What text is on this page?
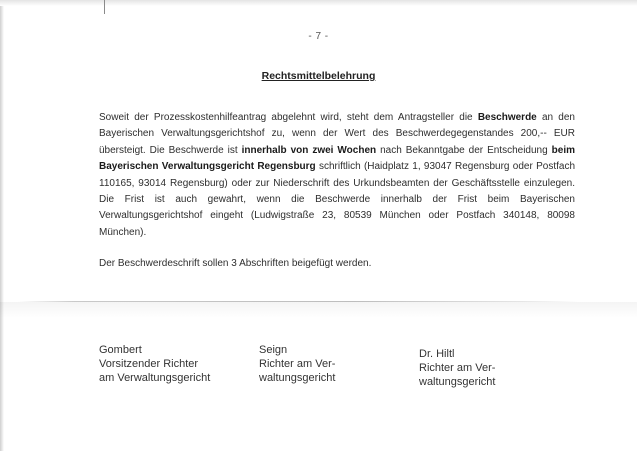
- 7 -
Rechtsmittelbelehrung
Soweit der Prozesskostenhilfeantrag abgelehnt wird, steht dem Antragsteller die Beschwerde an den Bayerischen Verwaltungsgerichtshof zu, wenn der Wert des Beschwerdegegenstandes 200,-- EUR übersteigt. Die Beschwerde ist innerhalb von zwei Wochen nach Bekanntgabe der Entscheidung beim Bayerischen Verwaltungsgericht Regensburg schriftlich (Haidplatz 1, 93047 Regensburg oder Postfach 110165, 93014 Regensburg) oder zur Niederschrift des Urkundsbeamten der Geschäftsstelle einzulegen. Die Frist ist auch gewahrt, wenn die Beschwerde innerhalb der Frist beim Bayerischen Verwaltungsgerichtshof eingeht (Ludwigstraße 23, 80539 München oder Postfach 340148, 80098 München).
Der Beschwerdeschrift sollen 3 Abschriften beigefügt werden.
Gombert
Vorsitzender Richter
am Verwaltungsgericht
Seign
Richter am Ver-
waltungsgericht
Dr. Hiltl
Richter am Ver-
waltungsgericht
